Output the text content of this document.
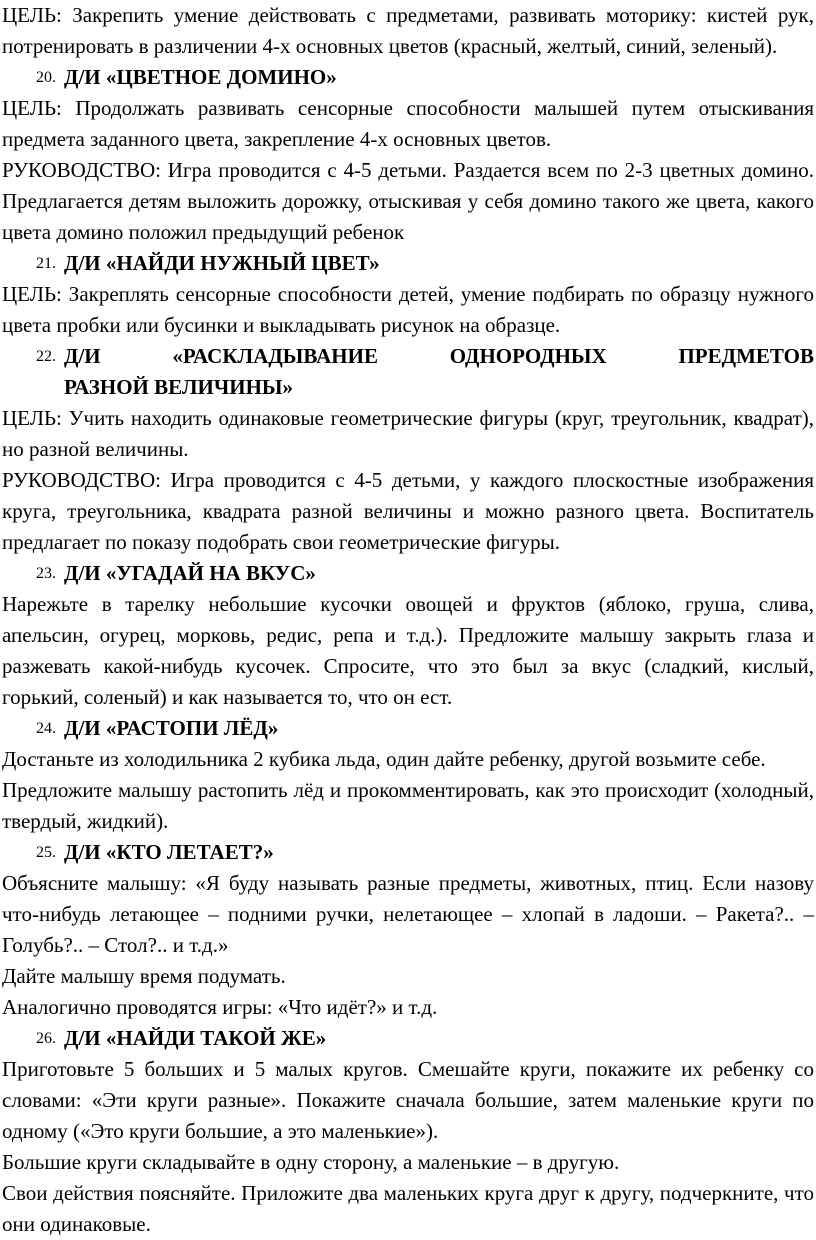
ЦЕЛЬ: Закрепить умение действовать с предметами, развивать моторику: кистей рук, потренировать в различении 4-х основных цветов (красный, желтый, синий, зеленый).

20. Д/И «ЦВЕТНОЕ ДОМИНО»

ЦЕЛЬ: Продолжать развивать сенсорные способности малышей путем отыскивания предмета заданного цвета, закрепление 4-х основных цветов.

РУКОВОДСТВО: Игра проводится с 4-5 детьми. Раздается всем по 2-3 цветных домино. Предлагается детям выложить дорожку, отыскивая у себя домино такого же цвета, какого цвета домино положил предыдущий ребенок

21. Д/И «НАЙДИ НУЖНЫЙ ЦВЕТ»

ЦЕЛЬ: Закреплять сенсорные способности детей, умение подбирать по образцу нужного цвета пробки или бусинки и выкладывать рисунок на образце.

22. Д/И «РАСКЛАДЫВАНИЕ ОДНОРОДНЫХ ПРЕДМЕТОВ
РАЗНОЙ ВЕЛИЧИНЫ»

ЦЕЛЬ: Учить находить одинаковые геометрические фигуры (круг, треугольник, квадрат), но разной величины.

РУКОВОДСТВО: Игра проводится с 4-5 детьми, у каждого плоскостные изображения круга, треугольника, квадрата разной величины и можно разного цвета. Воспитатель предлагает по показу подобрать свои геометрические фигуры.

23. Д/И «УГАДАЙ НА ВКУС»

Нарежьте в тарелку небольшие кусочки овощей и фруктов (яблоко, груша, слива, апельсин, огурец, морковь, редис, репа и т.д.). Предложите малышу закрыть глаза и разжевать какой-нибудь кусочек. Спросите, что это был за вкус (сладкий, кислый, горький, соленый) и как называется то, что он ест.

24. Д/И «РАСТОПИ ЛЁД»

Достаньте из холодильника 2 кубика льда, один дайте ребенку, другой возьмите себе.

Предложите малышу растопить лёд и прокомментировать, как это происходит (холодный, твердый, жидкий).

25. Д/И «КТО ЛЕТАЕТ?»

Объясните малышу: «Я буду называть разные предметы, животных, птиц. Если назову что-нибудь летающее – подними ручки, нелетающее – хлопай в ладоши. – Ракета?.. – Голубь?.. – Стол?.. и т.д.»

Дайте малышу время подумать.

Аналогично проводятся игры: «Что идёт?» и т.д.

26. Д/И «НАЙДИ ТАКОЙ ЖЕ»

Приготовьте 5 больших и 5 малых кругов. Смешайте круги, покажите их ребенку со словами: «Эти круги разные». Покажите сначала большие, затем маленькие круги по одному («Это круги большие, а это маленькие»).

Большие круги складывайте в одну сторону, а маленькие – в другую.

Свои действия поясняйте. Приложите два маленьких круга друг к другу, подчеркните, что они одинаковые.
